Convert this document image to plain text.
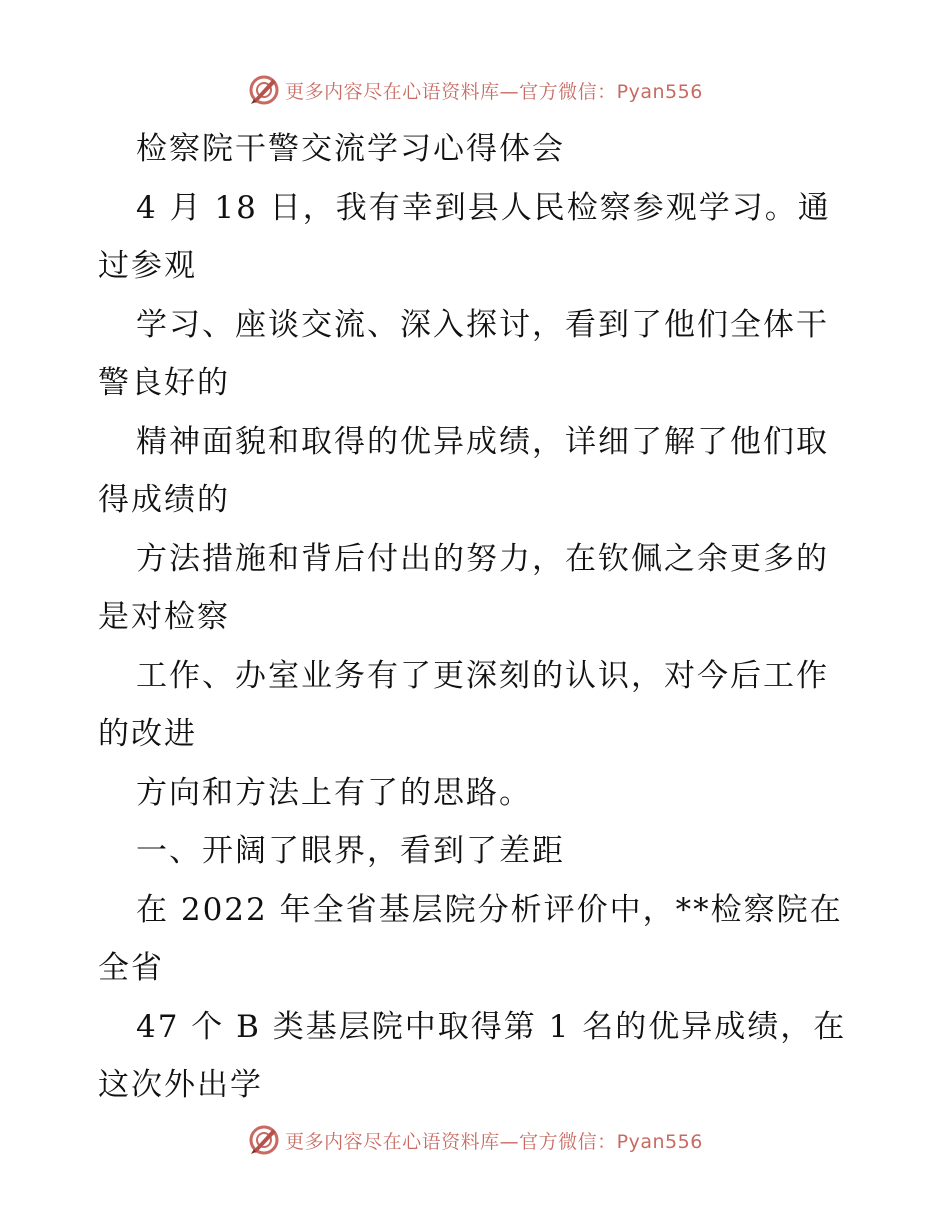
更多内容尽在心语资料库—官方微信：Pyan556
检察院干警交流学习心得体会
4 月 18 日，我有幸到县人民检察参观学习。通
过参观
学习、座谈交流、深入探讨，看到了他们全体干
警良好的
精神面貌和取得的优异成绩，详细了解了他们取
得成绩的
方法措施和背后付出的努力，在钦佩之余更多的
是对检察
工作、办室业务有了更深刻的认识，对今后工作
的改进
方向和方法上有了的思路。
一、开阔了眼界，看到了差距
在 2022 年全省基层院分析评价中，**检察院在
全省
47 个 B 类基层院中取得第 1 名的优异成绩，在
这次外出学
更多内容尽在心语资料库—官方微信：Pyan556
